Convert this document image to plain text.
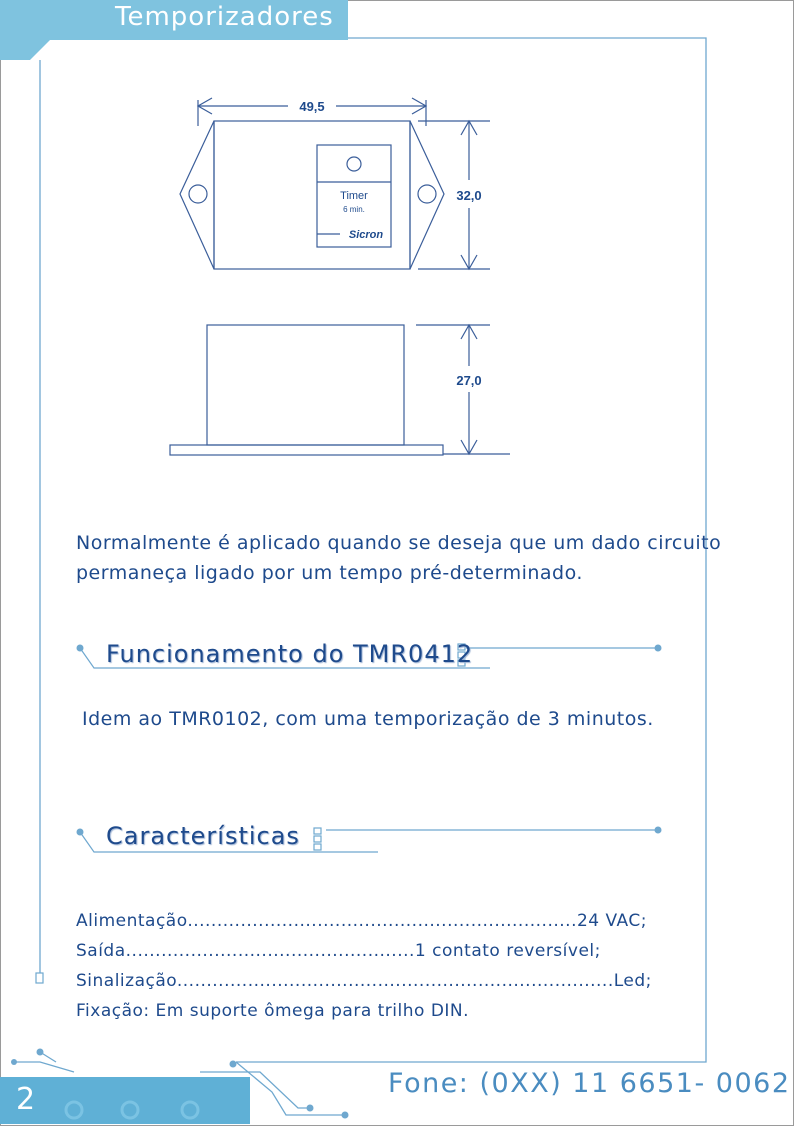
Temporizadores
49,5
32,0
27,0
Timer
6 min.
Sicron
Normalmente é aplicado quando se deseja que um dado circuito
permaneça ligado por um tempo pré-determinado.
Funcionamento do TMR0412
Idem ao TMR0102, com uma temporização de 3 minutos.
Características
Alimentação..................................................................24 VAC;
Saída.................................................1 contato reversível;
Sinalização..........................................................................Led;
Fixação: Em suporte ômega para trilho DIN.
2	Fone: (0XX) 11 6651- 0062
